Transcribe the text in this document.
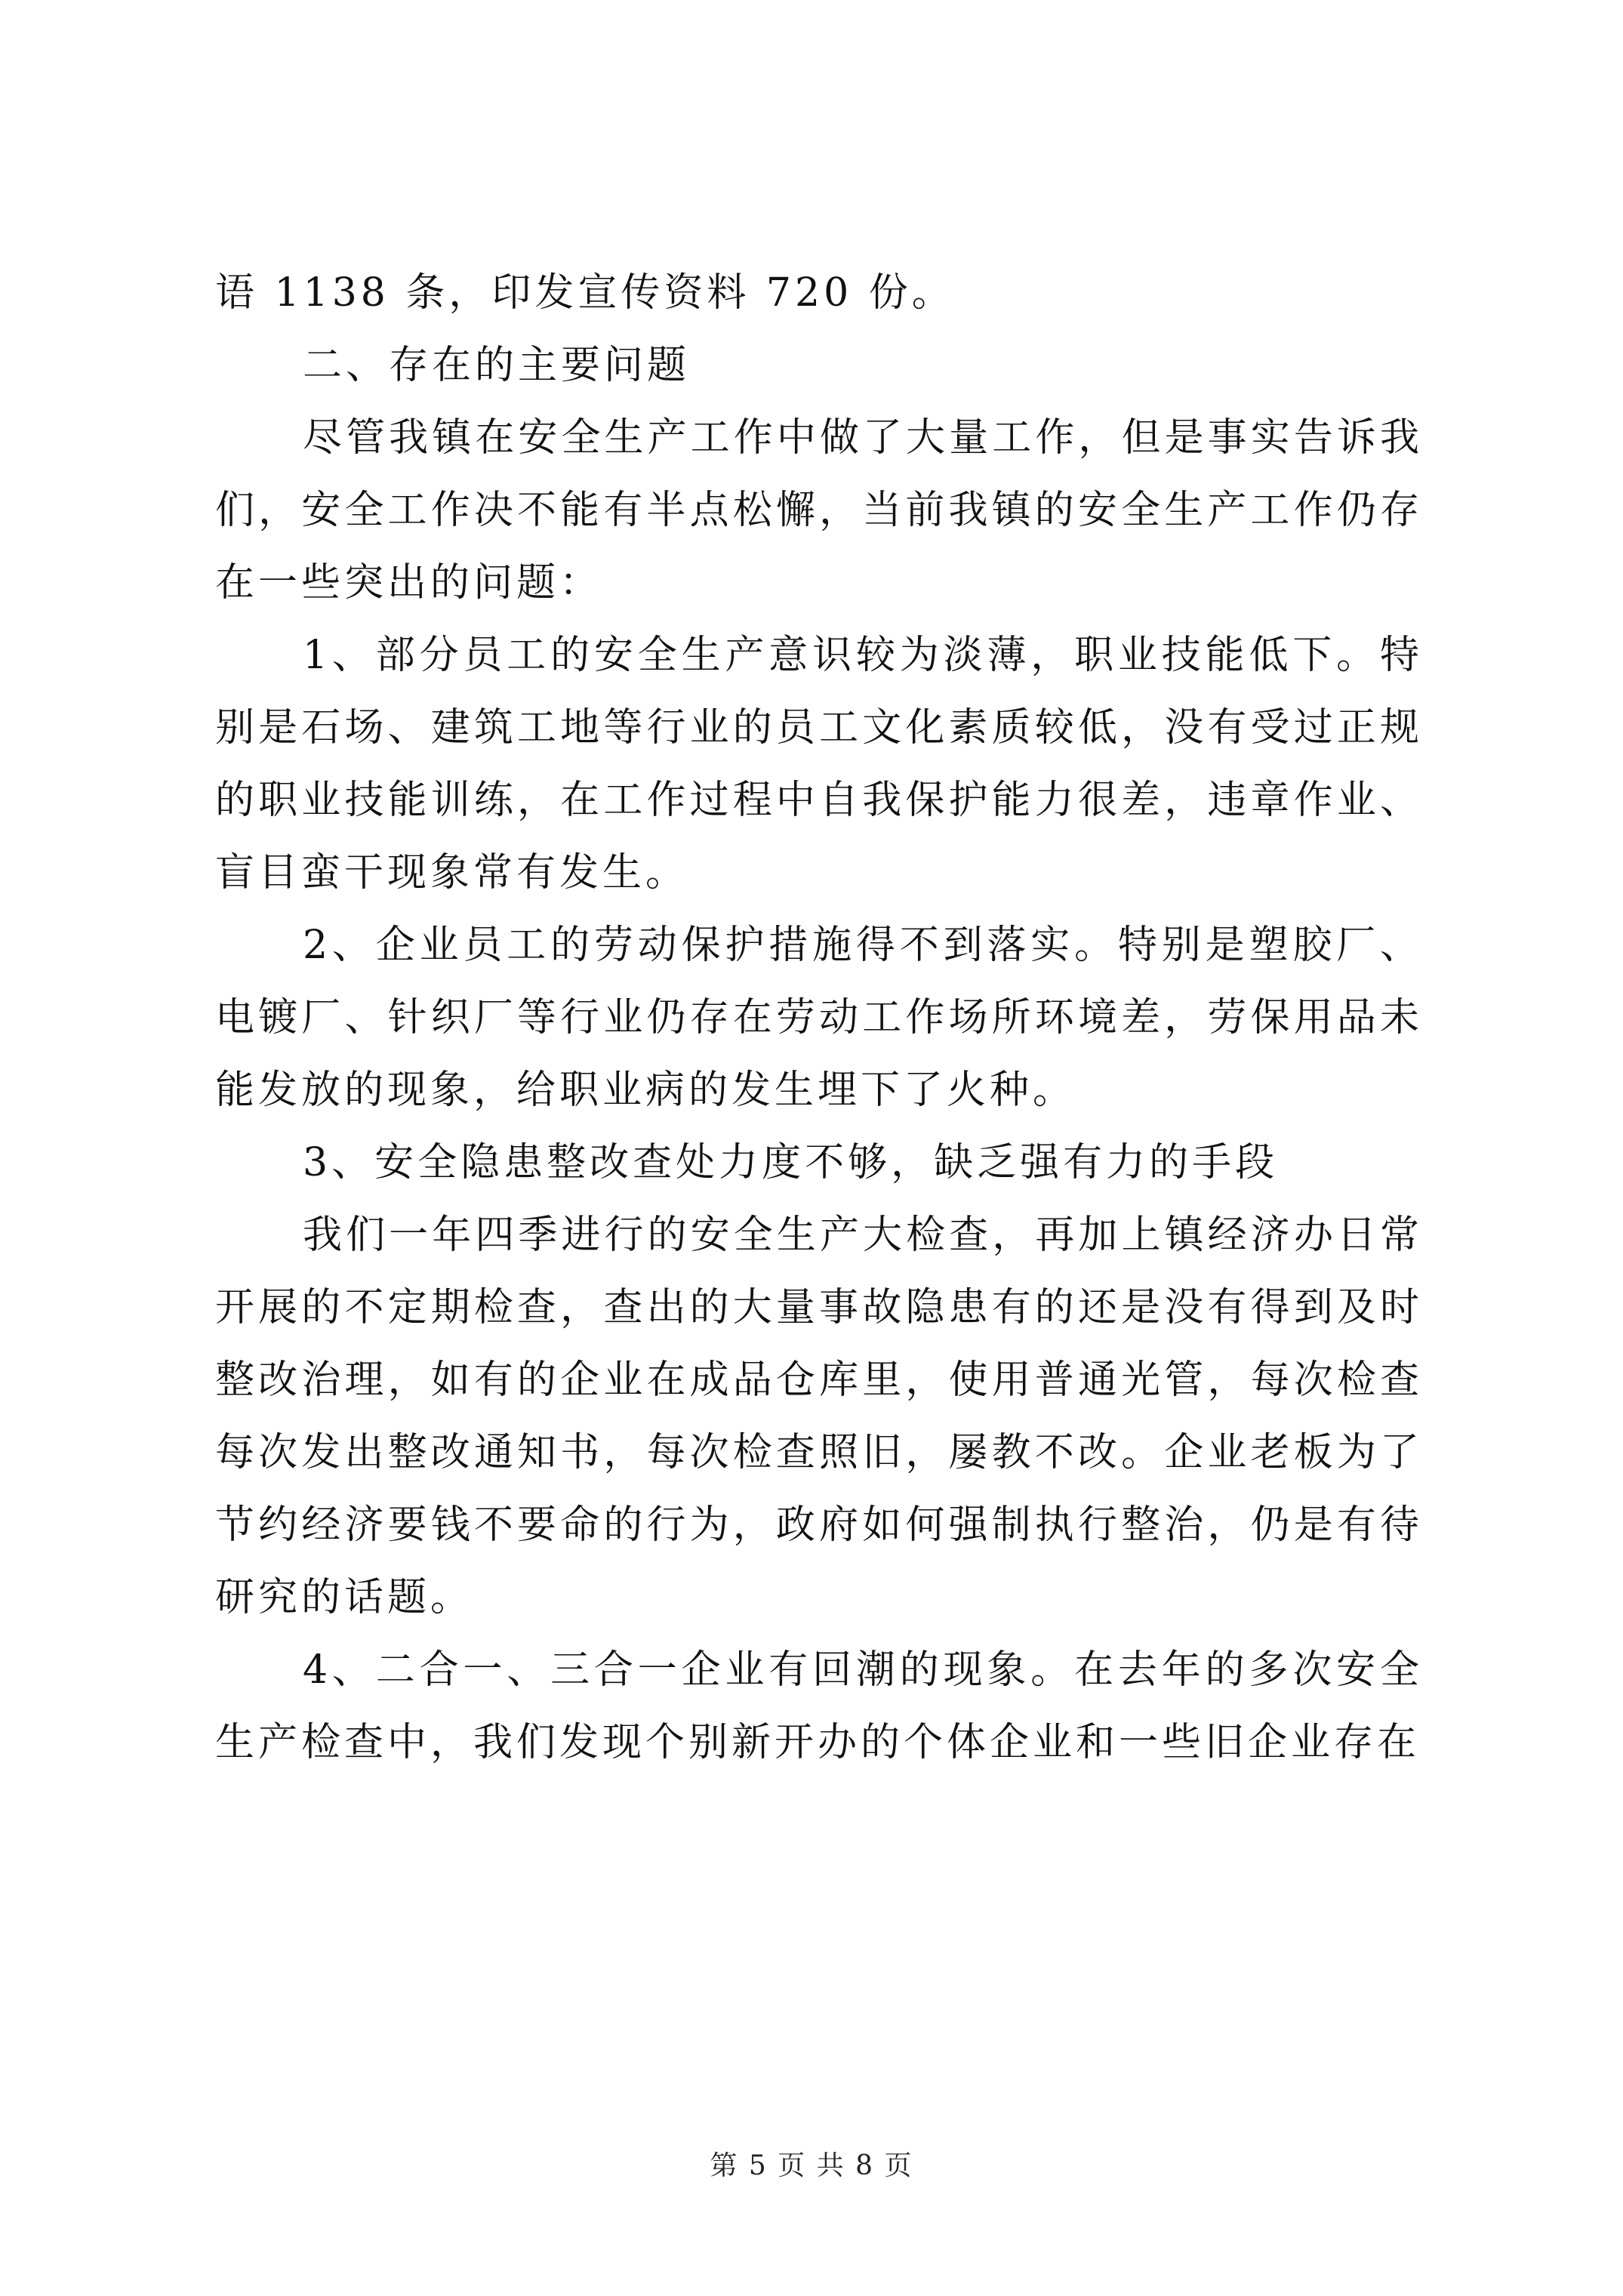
语 1138 条，印发宣传资料 720 份。

二、存在的主要问题

尽管我镇在安全生产工作中做了大量工作，但是事实告诉我们，安全工作决不能有半点松懈，当前我镇的安全生产工作仍存在一些突出的问题：

1、部分员工的安全生产意识较为淡薄，职业技能低下。特别是石场、建筑工地等行业的员工文化素质较低，没有受过正规的职业技能训练，在工作过程中自我保护能力很差，违章作业、盲目蛮干现象常有发生。

2、企业员工的劳动保护措施得不到落实。特别是塑胶厂、电镀厂、针织厂等行业仍存在劳动工作场所环境差，劳保用品未能发放的现象，给职业病的发生埋下了火种。

3、安全隐患整改查处力度不够，缺乏强有力的手段

我们一年四季进行的安全生产大检查，再加上镇经济办日常开展的不定期检查，查出的大量事故隐患有的还是没有得到及时整改治理，如有的企业在成品仓库里，使用普通光管，每次检查每次发出整改通知书，每次检查照旧，屡教不改。企业老板为了节约经济要钱不要命的行为，政府如何强制执行整治，仍是有待研究的话题。

4、二合一、三合一企业有回潮的现象。在去年的多次安全生产检查中，我们发现个别新开办的个体企业和一些旧企业存在

第 5 页 共 8 页
